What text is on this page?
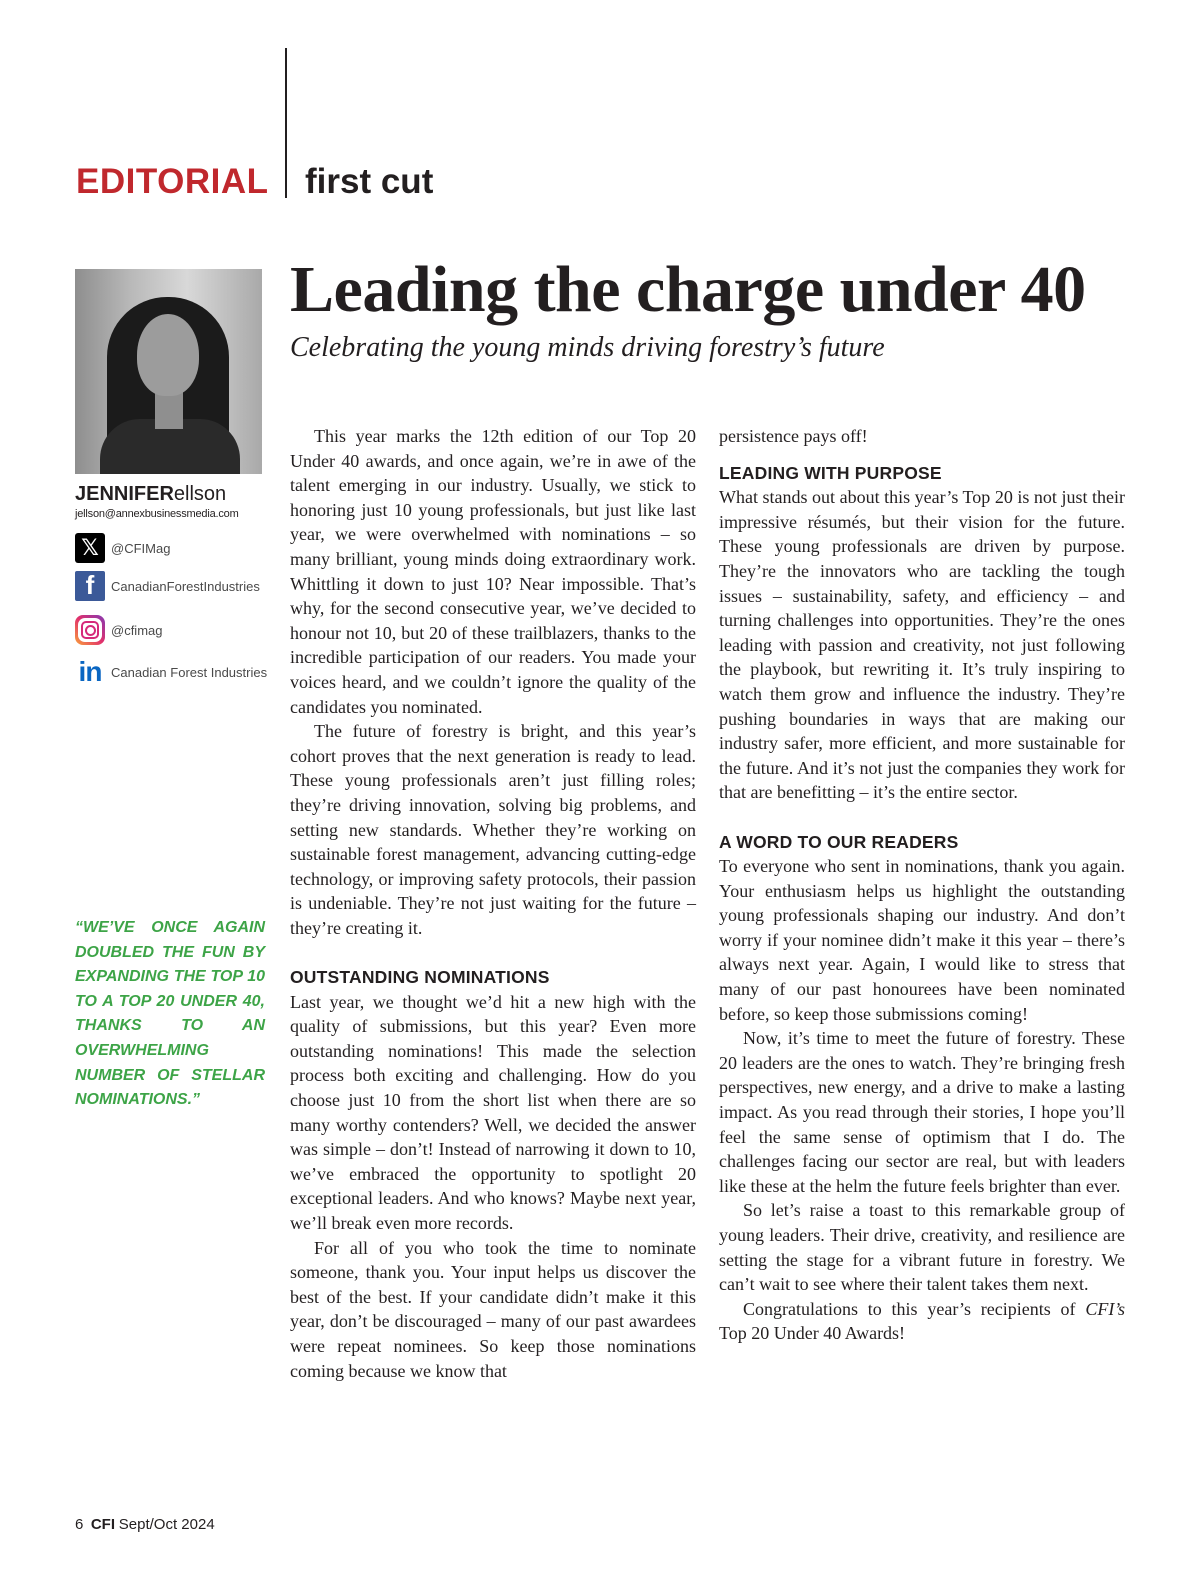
EDITORIAL first cut
JENNIFERellson
jellson@annexbusinessmedia.com
𝕏 @CFIMag
f	CanadianForestIndustries
@cfimag
in Canadian Forest Industries
Leading the charge under 40
Celebrating the young minds driving forestry’s future
“WE’VE ONCE AGAIN DOUBLED THE FUN BY EXPANDING THE TOP 10 TO A TOP 20 UNDER 40, THANKS TO AN OVERWHELMING NUMBER OF STELLAR NOMINATIONS.”

This year marks the 12th edition of our Top 20 Under 40 awards, and once again, we’re in awe of the talent emerging in our industry. Usually, we stick to honoring just 10 young professionals, but just like last year, we were overwhelmed with nominations – so many brilliant, young minds doing extraordinary work. Whittling it down to just 10? Near impossible. That’s why, for the second consecutive year, we’ve decided to honour not 10, but 20 of these trailblazers, thanks to the incredible participation of our readers. You made your voices heard, and we couldn’t ignore the quality of the candidates you nominated.

The future of forestry is bright, and this year’s cohort proves that the next generation is ready to lead. These young professionals aren’t just filling roles; they’re driving innovation, solving big problems, and setting new standards. Whether they’re working on sustainable forest management, advancing cutting-edge technology, or improving safety protocols, their passion is undeniable. They’re not just waiting for the future – they’re creating it.

OUTSTANDING NOMINATIONS

Last year, we thought we’d hit a new high with the quality of submissions, but this year? Even more outstanding nominations! This made the selection process both exciting and challenging. How do you choose just 10 from the short list when there are so many worthy contenders? Well, we decided the answer was simple – don’t! Instead of narrowing it down to 10, we’ve embraced the opportunity to spotlight 20 exceptional leaders. And who knows? Maybe next year, we’ll break even more records.

For all of you who took the time to nominate someone, thank you. Your input helps us discover the best of the best. If your candidate didn’t make it this year, don’t be discouraged – many of our past awardees were repeat nominees. So keep those nominations coming because we know that

persistence pays off!

LEADING WITH PURPOSE

What stands out about this year’s Top 20 is not just their impressive résumés, but their vision for the future. These young professionals are driven by purpose. They’re the innovators who are tackling the tough issues – sustainability, safety, and efficiency – and turning challenges into opportunities. They’re the ones leading with passion and creativity, not just following the playbook, but rewriting it. It’s truly inspiring to watch them grow and influence the industry. They’re pushing boundaries in ways that are making our industry safer, more efficient, and more sustainable for the future. And it’s not just the companies they work for that are benefitting – it’s the entire sector.

A WORD TO OUR READERS

To everyone who sent in nominations, thank you again. Your enthusiasm helps us highlight the outstanding young professionals shaping our industry. And don’t worry if your nominee didn’t make it this year – there’s always next year. Again, I would like to stress that many of our past honourees have been nominated before, so keep those submissions coming!

Now, it’s time to meet the future of forestry. These 20 leaders are the ones to watch. They’re bringing fresh perspectives, new energy, and a drive to make a lasting impact. As you read through their stories, I hope you’ll feel the same sense of optimism that I do. The challenges facing our sector are real, but with leaders like these at the helm the future feels brighter than ever.

So let’s raise a toast to this remarkable group of young leaders. Their drive, creativity, and resilience are setting the stage for a vibrant future in forestry. We can’t wait to see where their talent takes them next.

Congratulations to this year’s recipients of CFI’s Top 20 Under 40 Awards!

6 CFI Sept/Oct 2024
